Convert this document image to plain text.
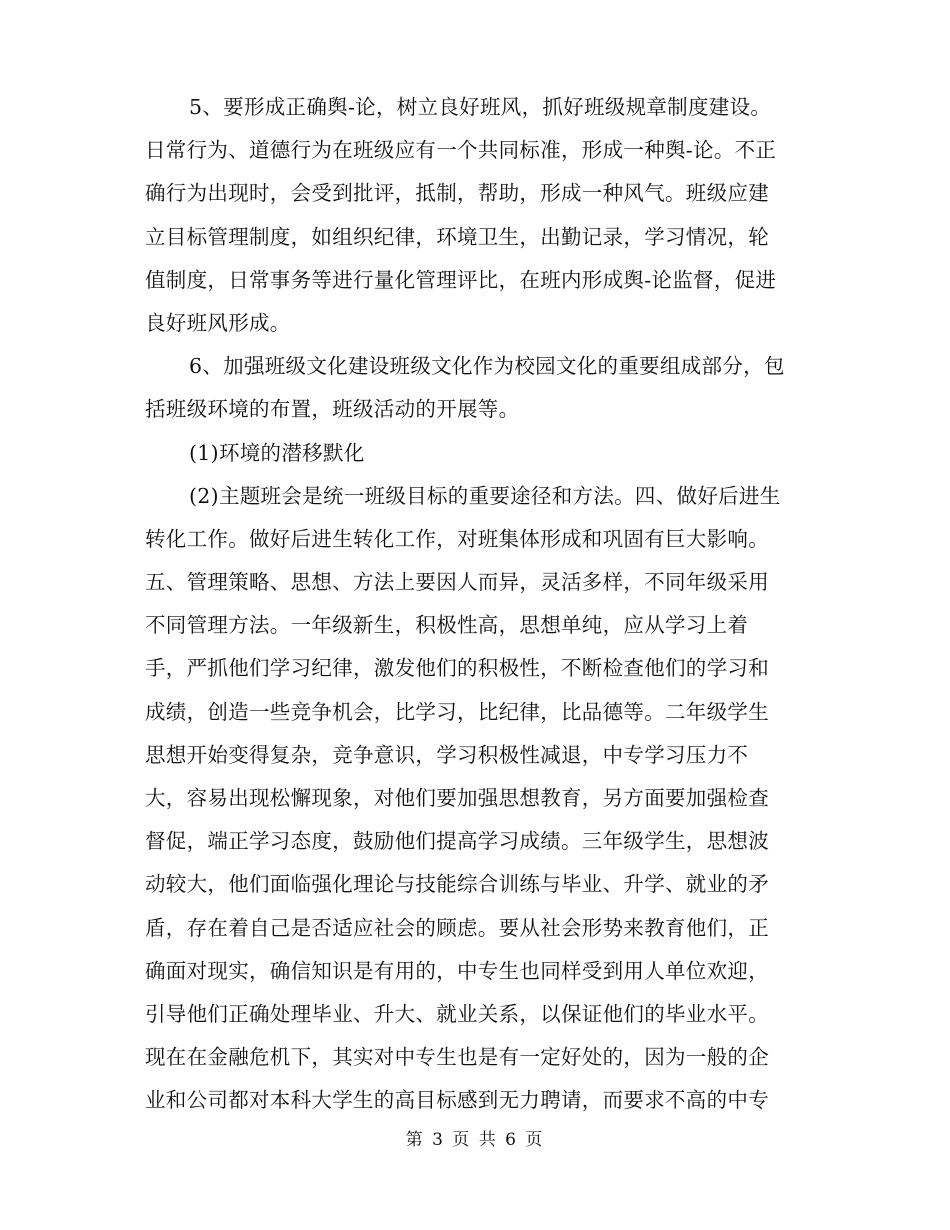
5、要形成正确舆-论，树立良好班风，抓好班级规章制度建设。
日常行为、道德行为在班级应有一个共同标准，形成一种舆-论。不正
确行为出现时，会受到批评，抵制，帮助，形成一种风气。班级应建
立目标管理制度，如组织纪律，环境卫生，出勤记录，学习情况，轮
值制度，日常事务等进行量化管理评比，在班内形成舆-论监督，促进
良好班风形成。
6、加强班级文化建设班级文化作为校园文化的重要组成部分，包
括班级环境的布置，班级活动的开展等。
(1)环境的潜移默化
(2)主题班会是统一班级目标的重要途径和方法。四、做好后进生
转化工作。做好后进生转化工作，对班集体形成和巩固有巨大影响。
五、管理策略、思想、方法上要因人而异，灵活多样，不同年级采用
不同管理方法。一年级新生，积极性高，思想单纯，应从学习上着
手，严抓他们学习纪律，激发他们的积极性，不断检查他们的学习和
成绩，创造一些竞争机会，比学习，比纪律，比品德等。二年级学生
思想开始变得复杂，竞争意识，学习积极性减退，中专学习压力不
大，容易出现松懈现象，对他们要加强思想教育，另方面要加强检查
督促，端正学习态度，鼓励他们提高学习成绩。三年级学生，思想波
动较大，他们面临强化理论与技能综合训练与毕业、升学、就业的矛
盾，存在着自己是否适应社会的顾虑。要从社会形势来教育他们，正
确面对现实，确信知识是有用的，中专生也同样受到用人单位欢迎，
引导他们正确处理毕业、升大、就业关系，以保证他们的毕业水平。
现在在金融危机下，其实对中专生也是有一定好处的，因为一般的企
业和公司都对本科大学生的高目标感到无力聘请，而要求不高的中专
第 3 页 共 6 页
